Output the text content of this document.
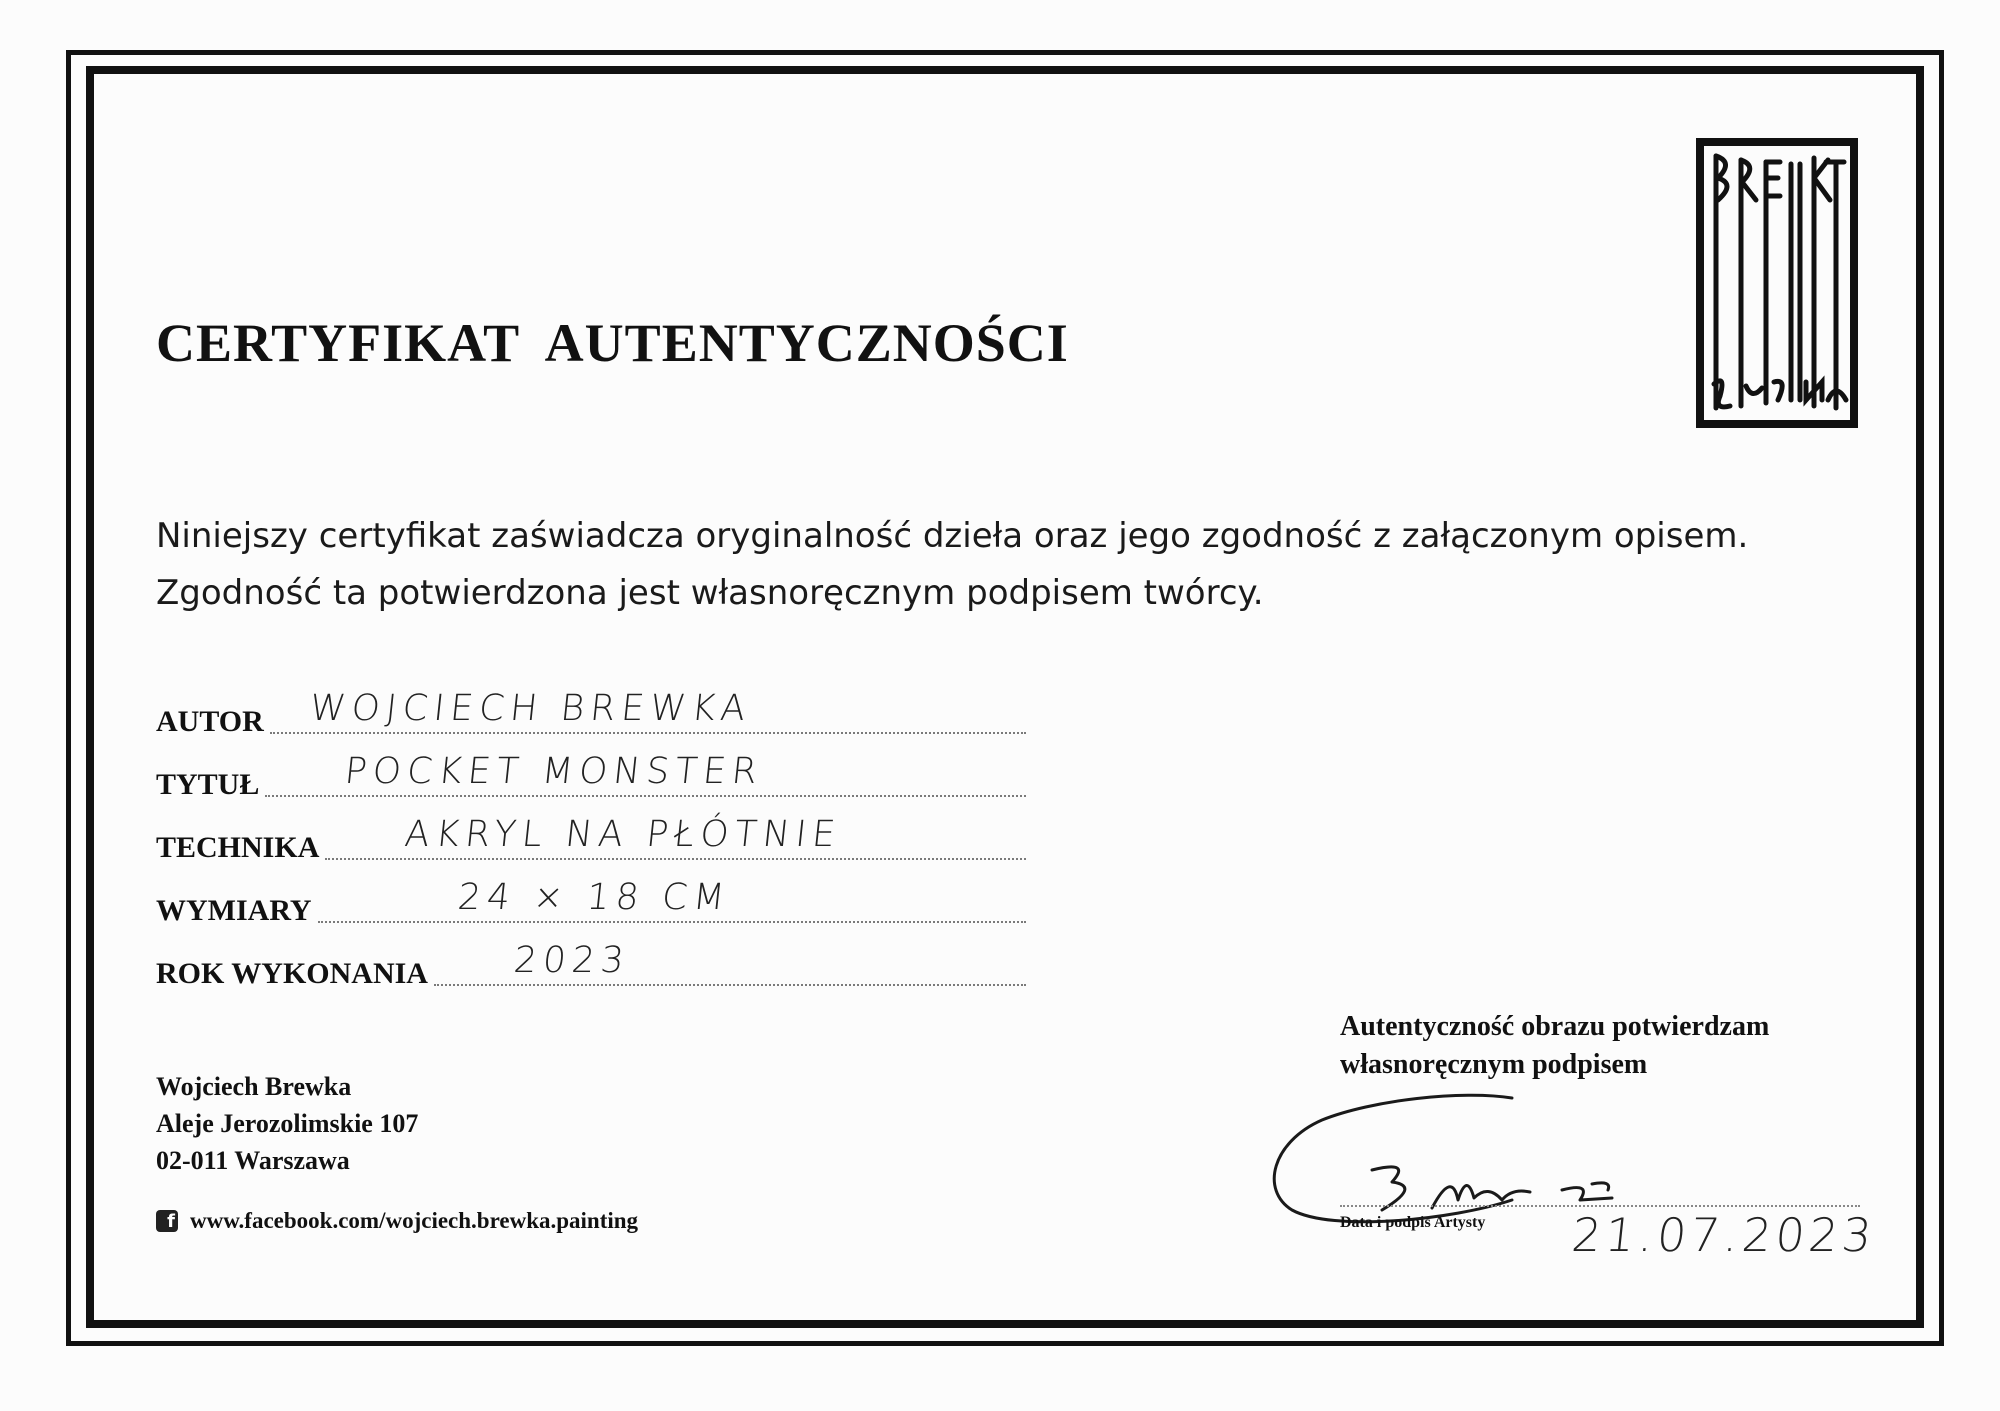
CERTYFIKAT AUTENTYCZNOŚCI
Niniejszy certyfikat zaświadcza oryginalność dzieła oraz jego zgodność z załączonym opisem.
Zgodność ta potwierdzona jest własnoręcznym podpisem twórcy.
AUTOR WOJCIECH BREWKA
TYTUŁ POCKET MONSTER
TECHNIKA AKRYL NA PŁÓTNIE
WYMIARY	24 × 18 CM
ROK WYKONANIA 2023
Wojciech Brewka
Aleje Jerozolimskie 107
02-011 Warszawa
f www.facebook.com/wojciech.brewka.painting
Autentyczność obrazu potwierdzam
własnoręcznym podpisem
Data i podpis Artysty 21.07.2023
